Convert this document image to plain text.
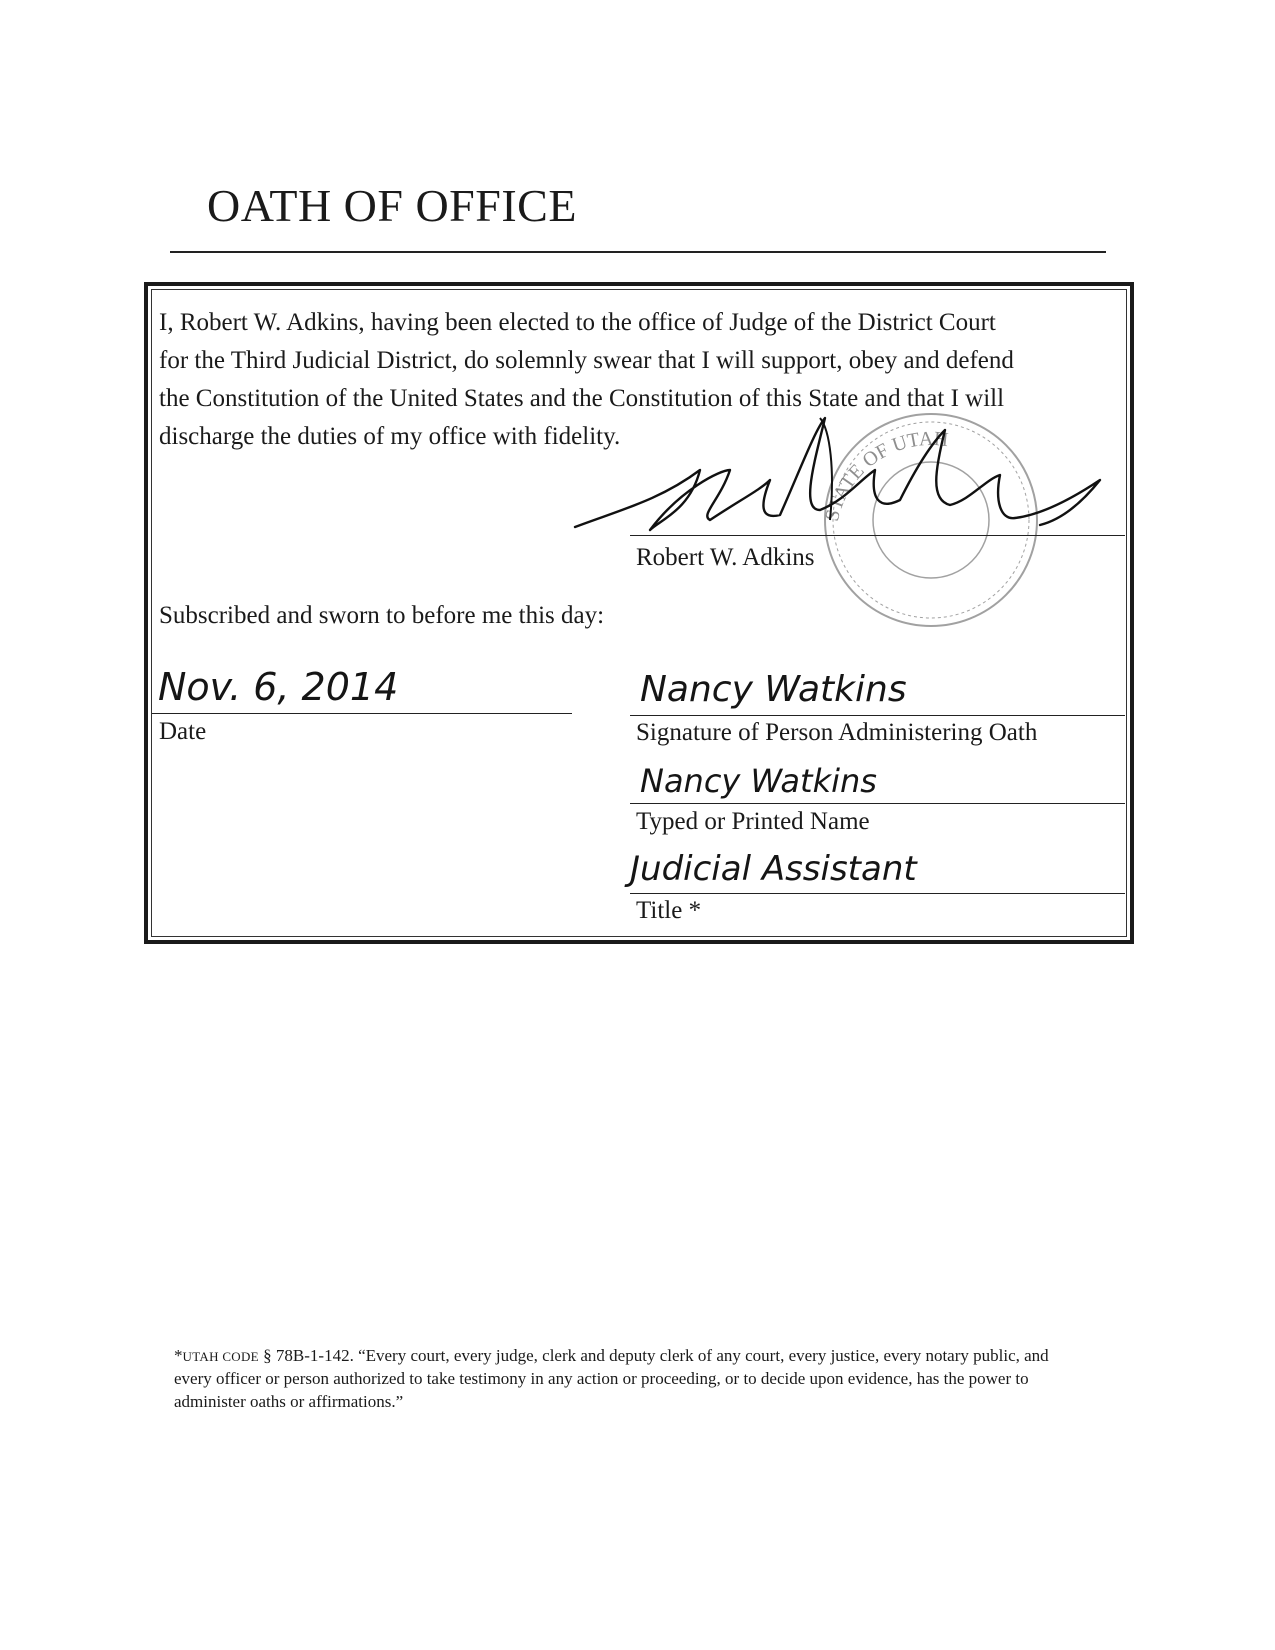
OATH OF OFFICE
I, Robert W. Adkins, having been elected to the office of Judge of the District Court
for the Third Judicial District, do solemnly swear that I will support, obey and defend
the Constitution of the United States and the Constitution of this State and that I will
discharge the duties of my office with fidelity.
STATE OF UTAH
Robert W. Adkins
Subscribed and sworn to before me this day:
Nov. 6, 2014
Date
Nancy Watkins
Signature of Person Administering Oath
Nancy Watkins
Typed or Printed Name
Judicial Assistant
Title *
*UTAH CODE § 78B-1-142. “Every court, every judge, clerk and deputy clerk of any court, every justice, every notary public, and every officer or person authorized to take testimony in any action or proceeding, or to decide upon evidence, has the power to administer oaths or affirmations.”
